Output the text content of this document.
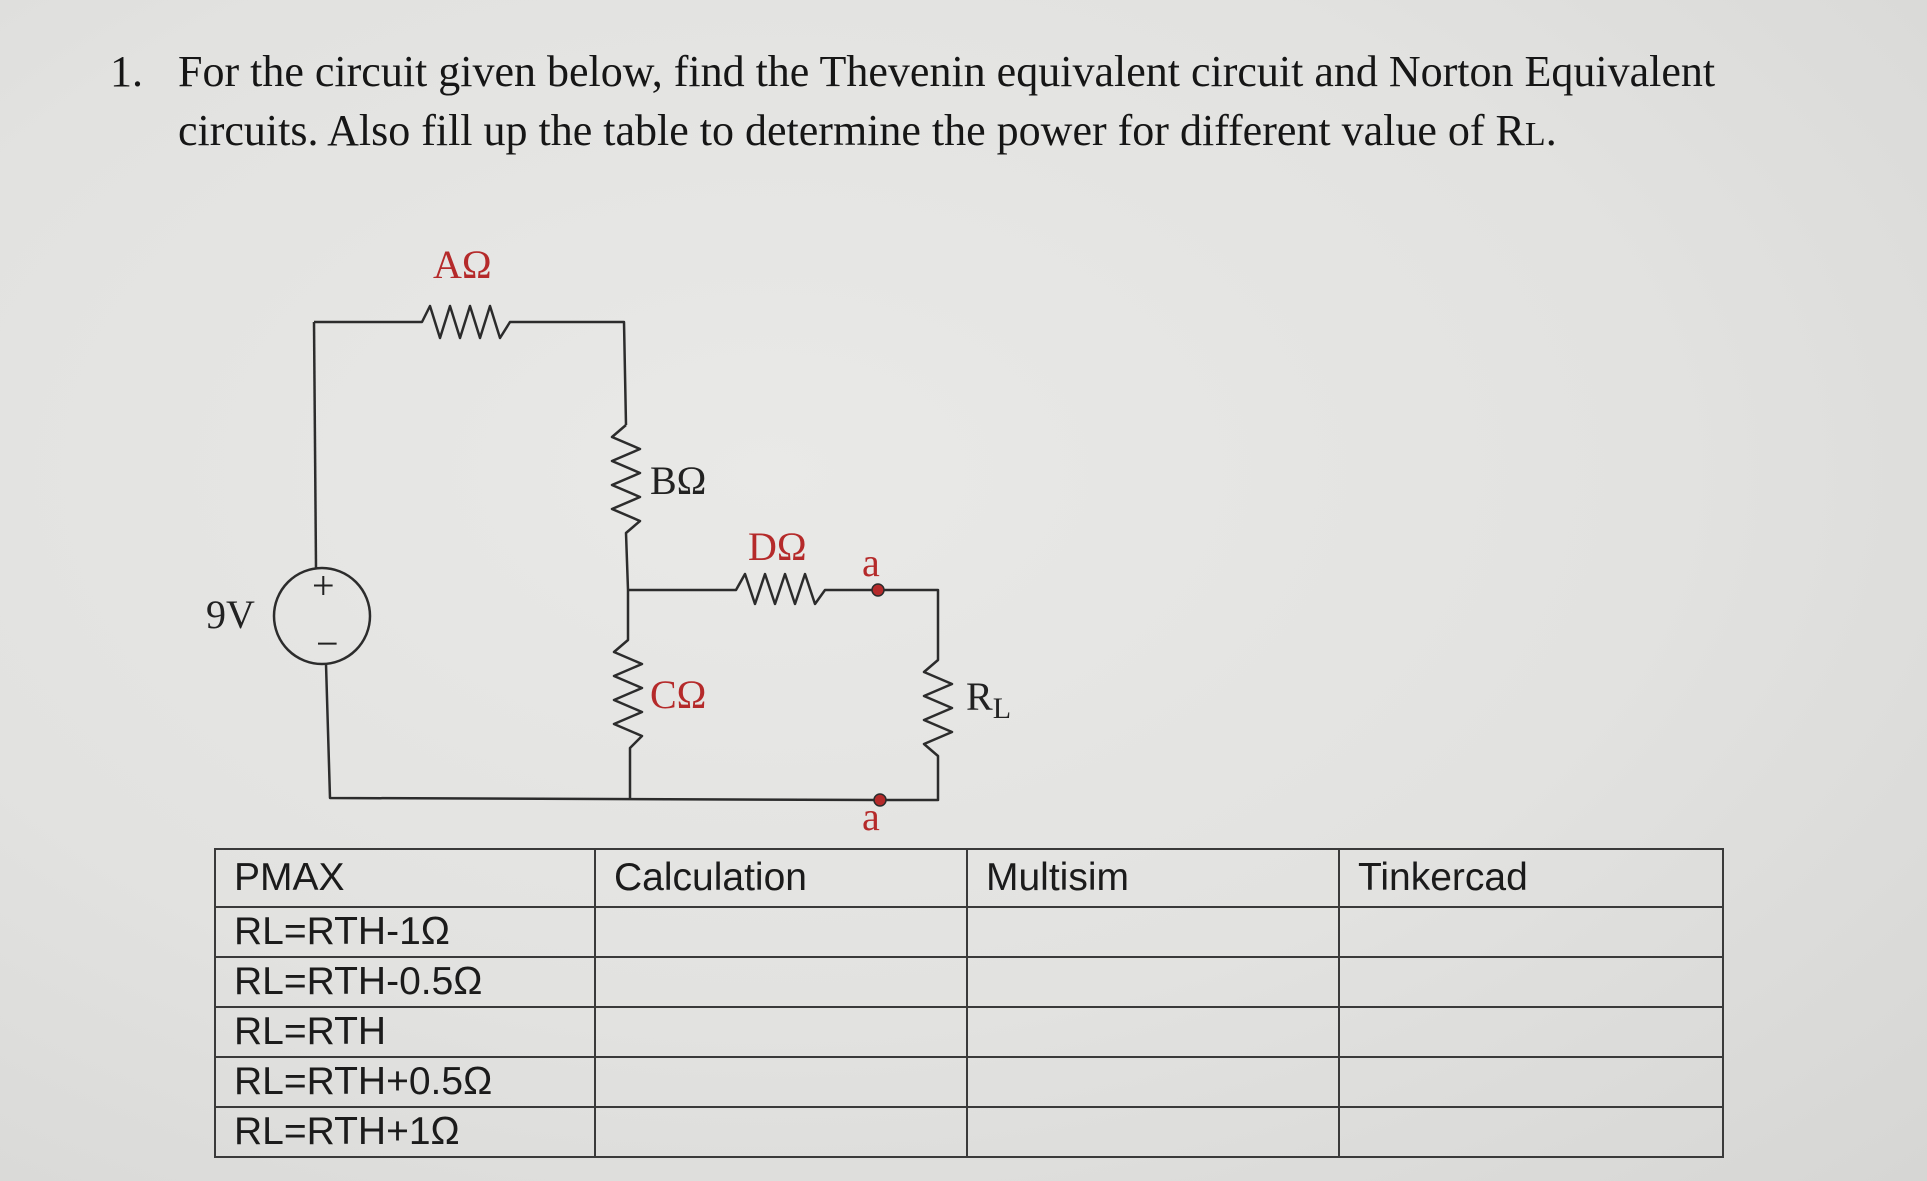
1. For the circuit given below, find the Thevenin equivalent circuit and Norton Equivalent circuits. Also fill up the table to determine the power for different value of RL.
+
−
AΩ
BΩ
DΩ
CΩ
9V
a
a
$R_L$
PMAX	Calculation	Multisim	Tinkercad
RL=RTH-1Ω			
RL=RTH-0.5Ω			
RL=RTH			
RL=RTH+0.5Ω			
RL=RTH+1Ω			
